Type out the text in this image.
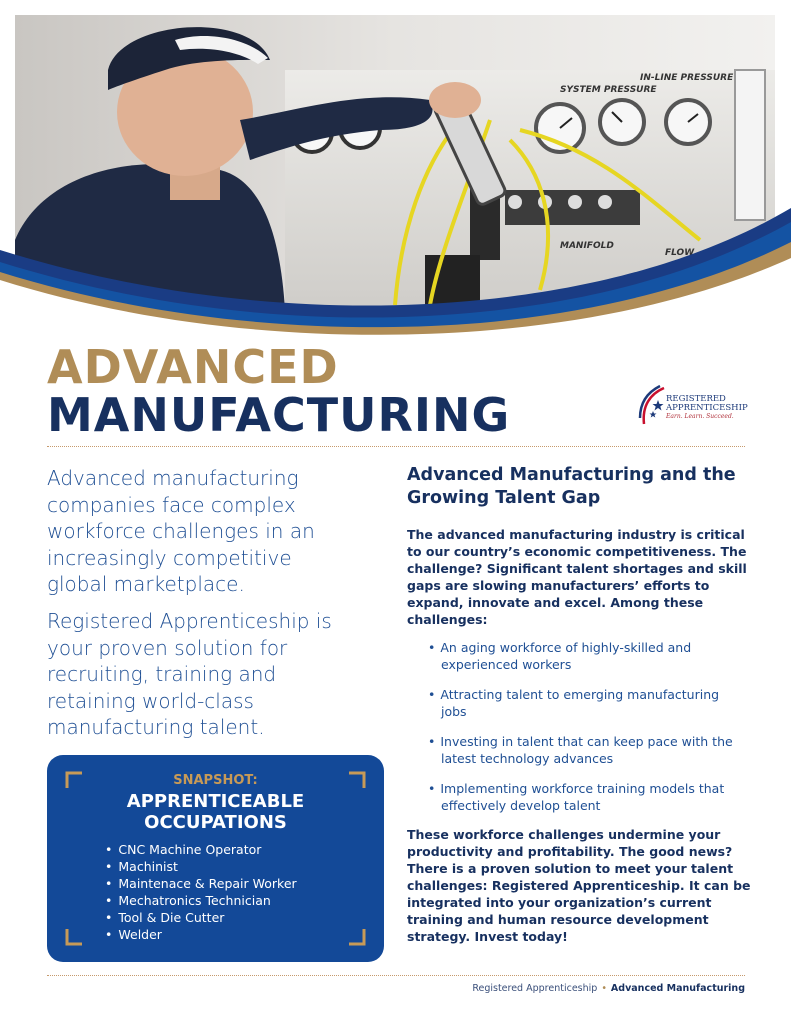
SYSTEM PRESSURE
IN-LINE PRESSURE
MANIFOLD
FLOW
ADVANCED
MANUFACTURING	REGISTERED APPRENTICESHIP
Earn. Learn. Succeed.
Advanced manufacturing companies face complex workforce challenges in an increasingly competitive global marketplace.
Registered Apprenticeship is your proven solution for recruiting, training and retaining world-class manufacturing talent.
SNAPSHOT:
APPRENTICEABLE
OCCUPATIONS
• CNC Machine Operator
• Machinist
• Maintenace & Repair Worker
• Mechatronics Technician
• Tool & Die Cutter
• Welder
Advanced Manufacturing and the Growing Talent Gap
The advanced manufacturing industry is critical to our country’s economic competitiveness. The challenge? Significant talent shortages and skill gaps are slowing manufacturers’ efforts to expand, innovate and excel. Among these challenges:
• An aging workforce of highly-skilled and experienced workers
• Attracting talent to emerging manufacturing jobs
• Investing in talent that can keep pace with the latest technology advances
• Implementing workforce training models that effectively develop talent
These workforce challenges undermine your productivity and profitability. The good news? There is a proven solution to meet your talent challenges: Registered Apprenticeship. It can be integrated into your organization’s current training and human resource development strategy. Invest today!
Registered Apprenticeship • Advanced Manufacturing
